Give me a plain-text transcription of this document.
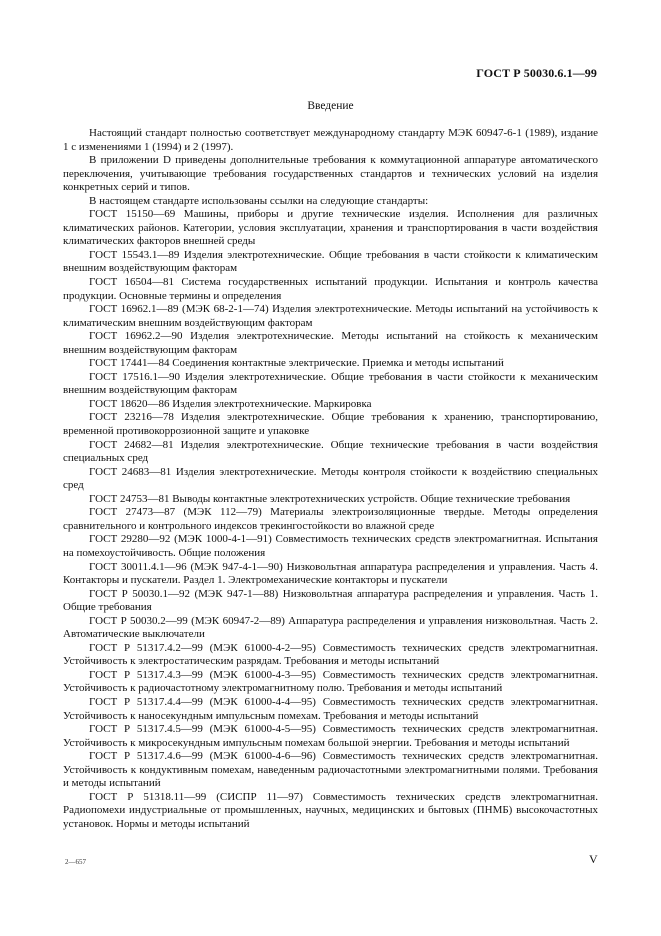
ГОСТ Р 50030.6.1—99
Введение

Настоящий стандарт полностью соответствует международному стандарту МЭК 60947-6-1 (1989), издание 1 с изменениями 1 (1994) и 2 (1997).

В приложении D приведены дополнительные требования к коммутационной аппаратуре автоматического переключения, учитывающие требования государственных стандартов и технических условий на изделия конкретных серий и типов.

В настоящем стандарте использованы ссылки на следующие стандарты:

ГОСТ 15150—69 Машины, приборы и другие технические изделия. Исполнения для различных климатических районов. Категории, условия эксплуатации, хранения и транспортирования в части воздействия климатических факторов внешней среды

ГОСТ 15543.1—89 Изделия электротехнические. Общие требования в части стойкости к климатическим внешним воздействующим факторам

ГОСТ 16504—81 Система государственных испытаний продукции. Испытания и контроль качества продукции. Основные термины и определения

ГОСТ 16962.1—89 (МЭК 68-2-1—74) Изделия электротехнические. Методы испытаний на устойчивость к климатическим внешним воздействующим факторам

ГОСТ 16962.2—90 Изделия электротехнические. Методы испытаний на стойкость к механическим внешним воздействующим факторам

ГОСТ 17441—84 Соединения контактные электрические. Приемка и методы испытаний

ГОСТ 17516.1—90 Изделия электротехнические. Общие требования в части стойкости к механическим внешним воздействующим факторам

ГОСТ 18620—86 Изделия электротехнические. Маркировка

ГОСТ 23216—78 Изделия электротехнические. Общие требования к хранению, транспортированию, временной противокоррозионной защите и упаковке

ГОСТ 24682—81 Изделия электротехнические. Общие технические требования в части воздействия специальных сред

ГОСТ 24683—81 Изделия электротехнические. Методы контроля стойкости к воздействию специальных сред

ГОСТ 24753—81 Выводы контактные электротехнических устройств. Общие технические требования

ГОСТ 27473—87 (МЭК 112—79) Материалы электроизоляционные твердые. Методы определения сравнительного и контрольного индексов трекингостойкости во влажной среде

ГОСТ 29280—92 (МЭК 1000-4-1—91) Совместимость технических средств электромагнитная. Испытания на помехоустойчивость. Общие положения

ГОСТ 30011.4.1—96 (МЭК 947-4-1—90) Низковольтная аппаратура распределения и управления. Часть 4. Контакторы и пускатели. Раздел 1. Электромеханические контакторы и пускатели

ГОСТ Р 50030.1—92 (МЭК 947-1—88) Низковольтная аппаратура распределения и управления. Часть 1. Общие требования

ГОСТ Р 50030.2—99 (МЭК 60947-2—89) Аппаратура распределения и управления низковольтная. Часть 2. Автоматические выключатели

ГОСТ Р 51317.4.2—99 (МЭК 61000-4-2—95) Совместимость технических средств электромагнитная. Устойчивость к электростатическим разрядам. Требования и методы испытаний

ГОСТ Р 51317.4.3—99 (МЭК 61000-4-3—95) Совместимость технических средств электромагнитная. Устойчивость к радиочастотному электромагнитному полю. Требования и методы испытаний

ГОСТ Р 51317.4.4—99 (МЭК 61000-4-4—95) Совместимость технических средств электромагнитная. Устойчивость к наносекундным импульсным помехам. Требования и методы испытаний

ГОСТ Р 51317.4.5—99 (МЭК 61000-4-5—95) Совместимость технических средств электромагнитная. Устойчивость к микросекундным импульсным помехам большой энергии. Требования и методы испытаний

ГОСТ Р 51317.4.6—99 (МЭК 61000-4-6—96) Совместимость технических средств электромагнитная. Устойчивость к кондуктивным помехам, наведенным радиочастотными электромагнитными полями. Требования и методы испытаний

ГОСТ Р 51318.11—99 (СИСПР 11—97) Совместимость технических средств электромагнитная. Радиопомехи индустриальные от промышленных, научных, медицинских и бытовых (ПНМБ) высокочастотных установок. Нормы и методы испытаний

2—657	V
